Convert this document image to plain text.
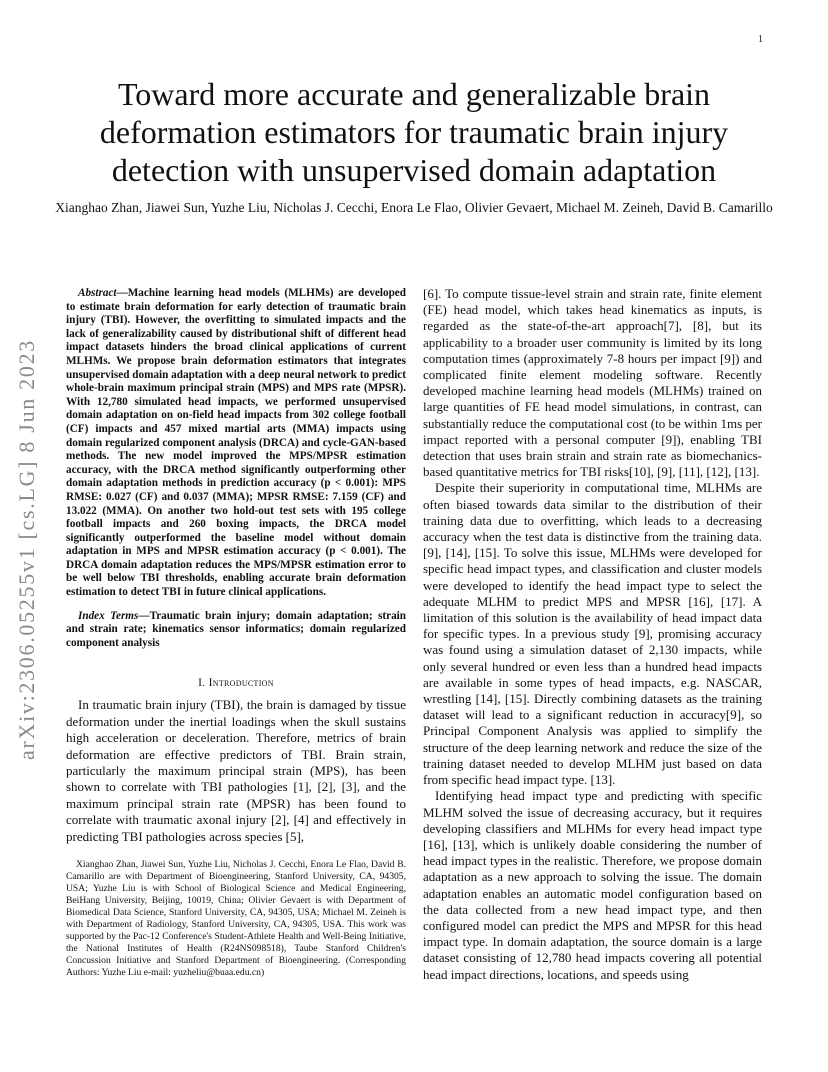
1
arXiv:2306.05255v1 [cs.LG] 8 Jun 2023
Toward more accurate and generalizable brain deformation estimators for traumatic brain injury detection with unsupervised domain adaptation
Xianghao Zhan, Jiawei Sun, Yuzhe Liu, Nicholas J. Cecchi, Enora Le Flao, Olivier Gevaert, Michael M. Zeineh, David B. Camarillo

Abstract—Machine learning head models (MLHMs) are developed to estimate brain deformation for early detection of traumatic brain injury (TBI). However, the overfitting to simulated impacts and the lack of generalizability caused by distributional shift of different head impact datasets hinders the broad clinical applications of current MLHMs. We propose brain deformation estimators that integrates unsupervised domain adaptation with a deep neural network to predict whole-brain maximum principal strain (MPS) and MPS rate (MPSR). With 12,780 simulated head impacts, we performed unsupervised domain adaptation on on-field head impacts from 302 college football (CF) impacts and 457 mixed martial arts (MMA) impacts using domain regularized component analysis (DRCA) and cycle-GAN-based methods. The new model improved the MPS/MPSR estimation accuracy, with the DRCA method significantly outperforming other domain adaptation methods in prediction accuracy (p < 0.001): MPS RMSE: 0.027 (CF) and 0.037 (MMA); MPSR RMSE: 7.159 (CF) and 13.022 (MMA). On another two hold-out test sets with 195 college football impacts and 260 boxing impacts, the DRCA model significantly outperformed the baseline model without domain adaptation in MPS and MPSR estimation accuracy (p < 0.001). The DRCA domain adaptation reduces the MPS/MPSR estimation error to be well below TBI thresholds, enabling accurate brain deformation estimation to detect TBI in future clinical applications.

Index Terms—Traumatic brain injury; domain adaptation; strain and strain rate; kinematics sensor informatics; domain regularized component analysis

I. Introduction

In traumatic brain injury (TBI), the brain is damaged by tissue deformation under the inertial loadings when the skull sustains high acceleration or deceleration. Therefore, metrics of brain deformation are effective predictors of TBI. Brain strain, particularly the maximum principal strain (MPS), has been shown to correlate with TBI pathologies [1], [2], [3], and the maximum principal strain rate (MPSR) has been found to correlate with traumatic axonal injury [2], [4] and effectively in predicting TBI pathologies across species [5],

Xianghao Zhan, Jiawei Sun, Yuzhe Liu, Nicholas J. Cecchi, Enora Le Flao, David B. Camarillo are with Department of Bioengineering, Stanford University, CA, 94305, USA; Yuzhe Liu is with School of Biological Science and Medical Engineering, BeiHang University, Beijing, 10019, China; Olivier Gevaert is with Department of Biomedical Data Science, Stanford University, CA, 94305, USA; Michael M. Zeineh is with Department of Radiology, Stanford University, CA, 94305, USA. This work was supported by the Pac-12 Conference's Student-Athlete Health and Well-Being Initiative, the National Institutes of Health (R24NS098518), Taube Stanford Children's Concussion Initiative and Stanford Department of Bioengineering. (Corresponding Authors: Yuzhe Liu e-mail: yuzheliu@buaa.edu.cn)

[6]. To compute tissue-level strain and strain rate, finite element (FE) head model, which takes head kinematics as inputs, is regarded as the state-of-the-art approach[7], [8], but its applicability to a broader user community is limited by its long computation times (approximately 7-8 hours per impact [9]) and complicated finite element modeling software. Recently developed machine learning head models (MLHMs) trained on large quantities of FE head model simulations, in contrast, can substantially reduce the computational cost (to be within 1ms per impact reported with a personal computer [9]), enabling TBI detection that uses brain strain and strain rate as biomechanics-based quantitative metrics for TBI risks[10], [9], [11], [12], [13].

Despite their superiority in computational time, MLHMs are often biased towards data similar to the distribution of their training data due to overfitting, which leads to a decreasing accuracy when the test data is distinctive from the training data. [9], [14], [15]. To solve this issue, MLHMs were developed for specific head impact types, and classification and cluster models were developed to identify the head impact type to select the adequate MLHM to predict MPS and MPSR [16], [17]. A limitation of this solution is the availability of head impact data for specific types. In a previous study [9], promising accuracy was found using a simulation dataset of 2,130 impacts, while only several hundred or even less than a hundred head impacts are available in some types of head impacts, e.g. NASCAR, wrestling [14], [15]. Directly combining datasets as the training dataset will lead to a significant reduction in accuracy[9], so Principal Component Analysis was applied to simplify the structure of the deep learning network and reduce the size of the training dataset needed to develop MLHM just based on data from specific head impact type. [13].

Identifying head impact type and predicting with specific MLHM solved the issue of decreasing accuracy, but it requires developing classifiers and MLHMs for every head impact type [16], [13], which is unlikely doable considering the number of head impact types in the realistic. Therefore, we propose domain adaptation as a new approach to solving the issue. The domain adaptation enables an automatic model configuration based on the data collected from a new head impact type, and then configured model can predict the MPS and MPSR for this head impact type. In domain adaptation, the source domain is a large dataset consisting of 12,780 head impacts covering all potential head impact directions, locations, and speeds using
